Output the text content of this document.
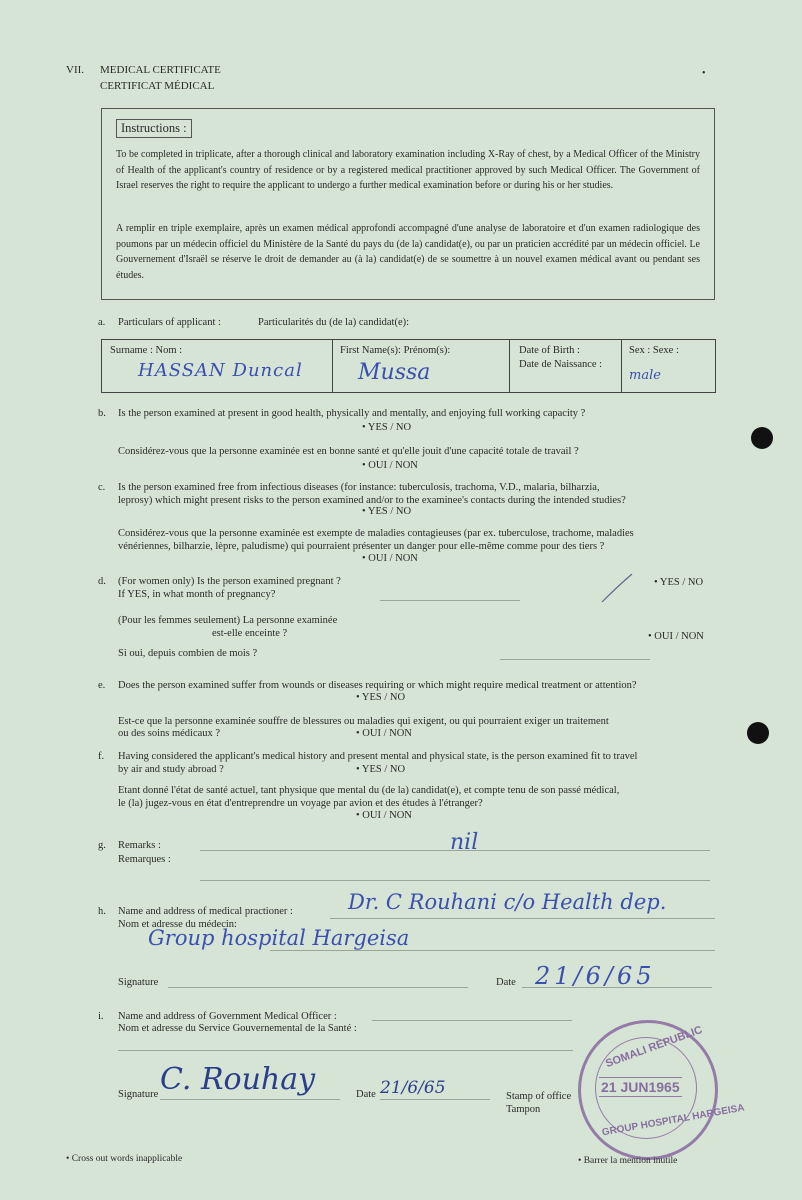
VII. MEDICAL CERTIFICATE
CERTIFICAT MÉDICAL
•
Instructions :
To be completed in triplicate, after a thorough clinical and laboratory examination including X-Ray of chest, by a Medical Officer of the Ministry of Health of the applicant's country of residence or by a registered medical practitioner approved by such Medical Officer. The Government of Israel reserves the right to require the applicant to undergo a further medical examination before or during his or her studies.
A remplir en triple exemplaire, après un examen médical approfondi accompagné d'une analyse de laboratoire et d'un examen radiologique des poumons par un médecin officiel du Ministère de la Santé du pays du (de la) candidat(e), ou par un praticien accrédité par un médecin officiel. Le Gouvernement d'Israël se réserve le droit de demander au (à la) candidat(e) de se soumettre à un nouvel examen médical avant ou pendant ses études.
a. Particulars of applicant :	Particularités du (de la) candidat(e):
Surname : Nom :
HASSAN Duncal
First Name(s): Prénom(s):
Mussa
Date of Birth :
Date de Naissance :
Sex : Sexe :
male
b. Is the person examined at present in good health, physically and mentally, and enjoying full working capacity ?
• YES / NO
Considérez-vous que la personne examinée est en bonne santé et qu'elle jouit d'une capacité totale de travail ?
• OUI / NON
c. Is the person examined free from infectious diseases (for instance: tuberculosis, trachoma, V.D., malaria, bilharzia,
leprosy) which might present risks to the person examined and/or to the examinee's contacts during the intended studies?
• YES / NO
Considérez-vous que la personne examinée est exempte de maladies contagieuses (par ex. tuberculose, trachome, maladies
vénériennes, bilharzie, lèpre, paludisme) qui pourraient présenter un danger pour elle-même comme pour des tiers ?
• OUI / NON
d. (For women only) Is the person examined pregnant ?
If YES, in what month of pregnancy?
• YES / NO
(Pour les femmes seulement) La personne examinée
est-elle enceinte ?	• OUI / NON
Si oui, depuis combien de mois ?
e. Does the person examined suffer from wounds or diseases requiring or which might require medical treatment or attention?
• YES / NO
Est-ce que la personne examinée souffre de blessures ou maladies qui exigent, ou qui pourraient exiger un traitement
ou des soins médicaux ?	• OUI / NON
f. Having considered the applicant's medical history and present mental and physical state, is the person examined fit to travel
by air and study abroad ?	• YES / NO
Etant donné l'état de santé actuel, tant physique que mental du (de la) candidat(e), et compte tenu de son passé médical,
le (la) jugez-vous en état d'entreprendre un voyage par avion et des études à l'étranger?
• OUI / NON
g. Remarks :
Remarques :
nil
h. Name and address of medical practioner :
Nom et adresse du médecin:
Dr. C Rouhani c/o Health dep.
Group hospital Hargeisa
Signature	Date 21/6/65
i. Name and address of Government Medical Officer :
Nom et adresse du Service Gouvernemental de la Santé :
Signature C. Rouhay	Date 21/6/65	Stamp of office
Tampon
SOMALI REPUBLIC
21 JUN1965
GROUP HOSPITAL HARGEISA
• Cross out words inapplicable	• Barrer la mention inutile
